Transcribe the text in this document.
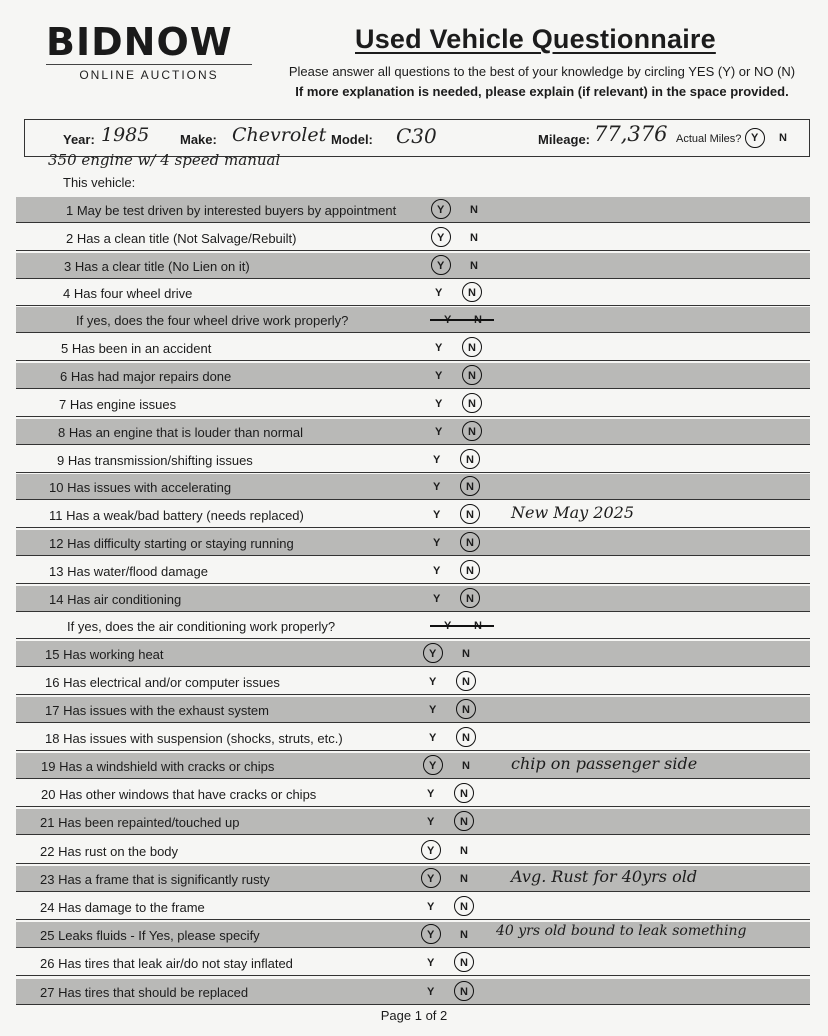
BIDNOW
ONLINE AUCTIONS
Used Vehicle Questionnaire
Please answer all questions to the best of your knowledge by circling YES (Y) or NO (N)
If more explanation is needed, please explain (if relevant) in the space provided.
Year: 1985 Make: Chevrolet Model: C30	Mileage: 77,376 Actual Miles? Y N
350 engine w/ 4 speed manual
This vehicle:
1 May be test driven by interested buyers by appointment	Y N
2 Has a clean title (Not Salvage/Rebuilt)	Y N
3 Has a clear title (No Lien on it)	Y N
4 Has four wheel drive	Y N
If yes, does the four wheel drive work properly?	Y N
5 Has been in an accident	Y N
6 Has had major repairs done	Y N
7 Has engine issues	Y N
8 Has an engine that is louder than normal	Y N
9 Has transmission/shifting issues	Y N
10 Has issues with accelerating	Y N
11 Has a weak/bad battery (needs replaced)	Y N New May 2025
12 Has difficulty starting or staying running	Y N
13 Has water/flood damage	Y N
14 Has air conditioning	Y N
If yes, does the air conditioning work properly?	Y N
15 Has working heat	Y N
16 Has electrical and/or computer issues	Y N
17 Has issues with the exhaust system	Y N
18 Has issues with suspension (shocks, struts, etc.)	Y N
19 Has a windshield with cracks or chips	Y N	chip on passenger side
20 Has other windows that have cracks or chips	Y N
21 Has been repainted/touched up	Y N
22 Has rust on the body	Y N
23 Has a frame that is significantly rusty	Y N	Avg. Rust for 40yrs old
24 Has damage to the frame	Y N
25 Leaks fluids - If Yes, please specify	Y N 40 yrs old bound to leak something
26 Has tires that leak air/do not stay inflated	Y N
27 Has tires that should be replaced	Y N
Page 1 of 2
